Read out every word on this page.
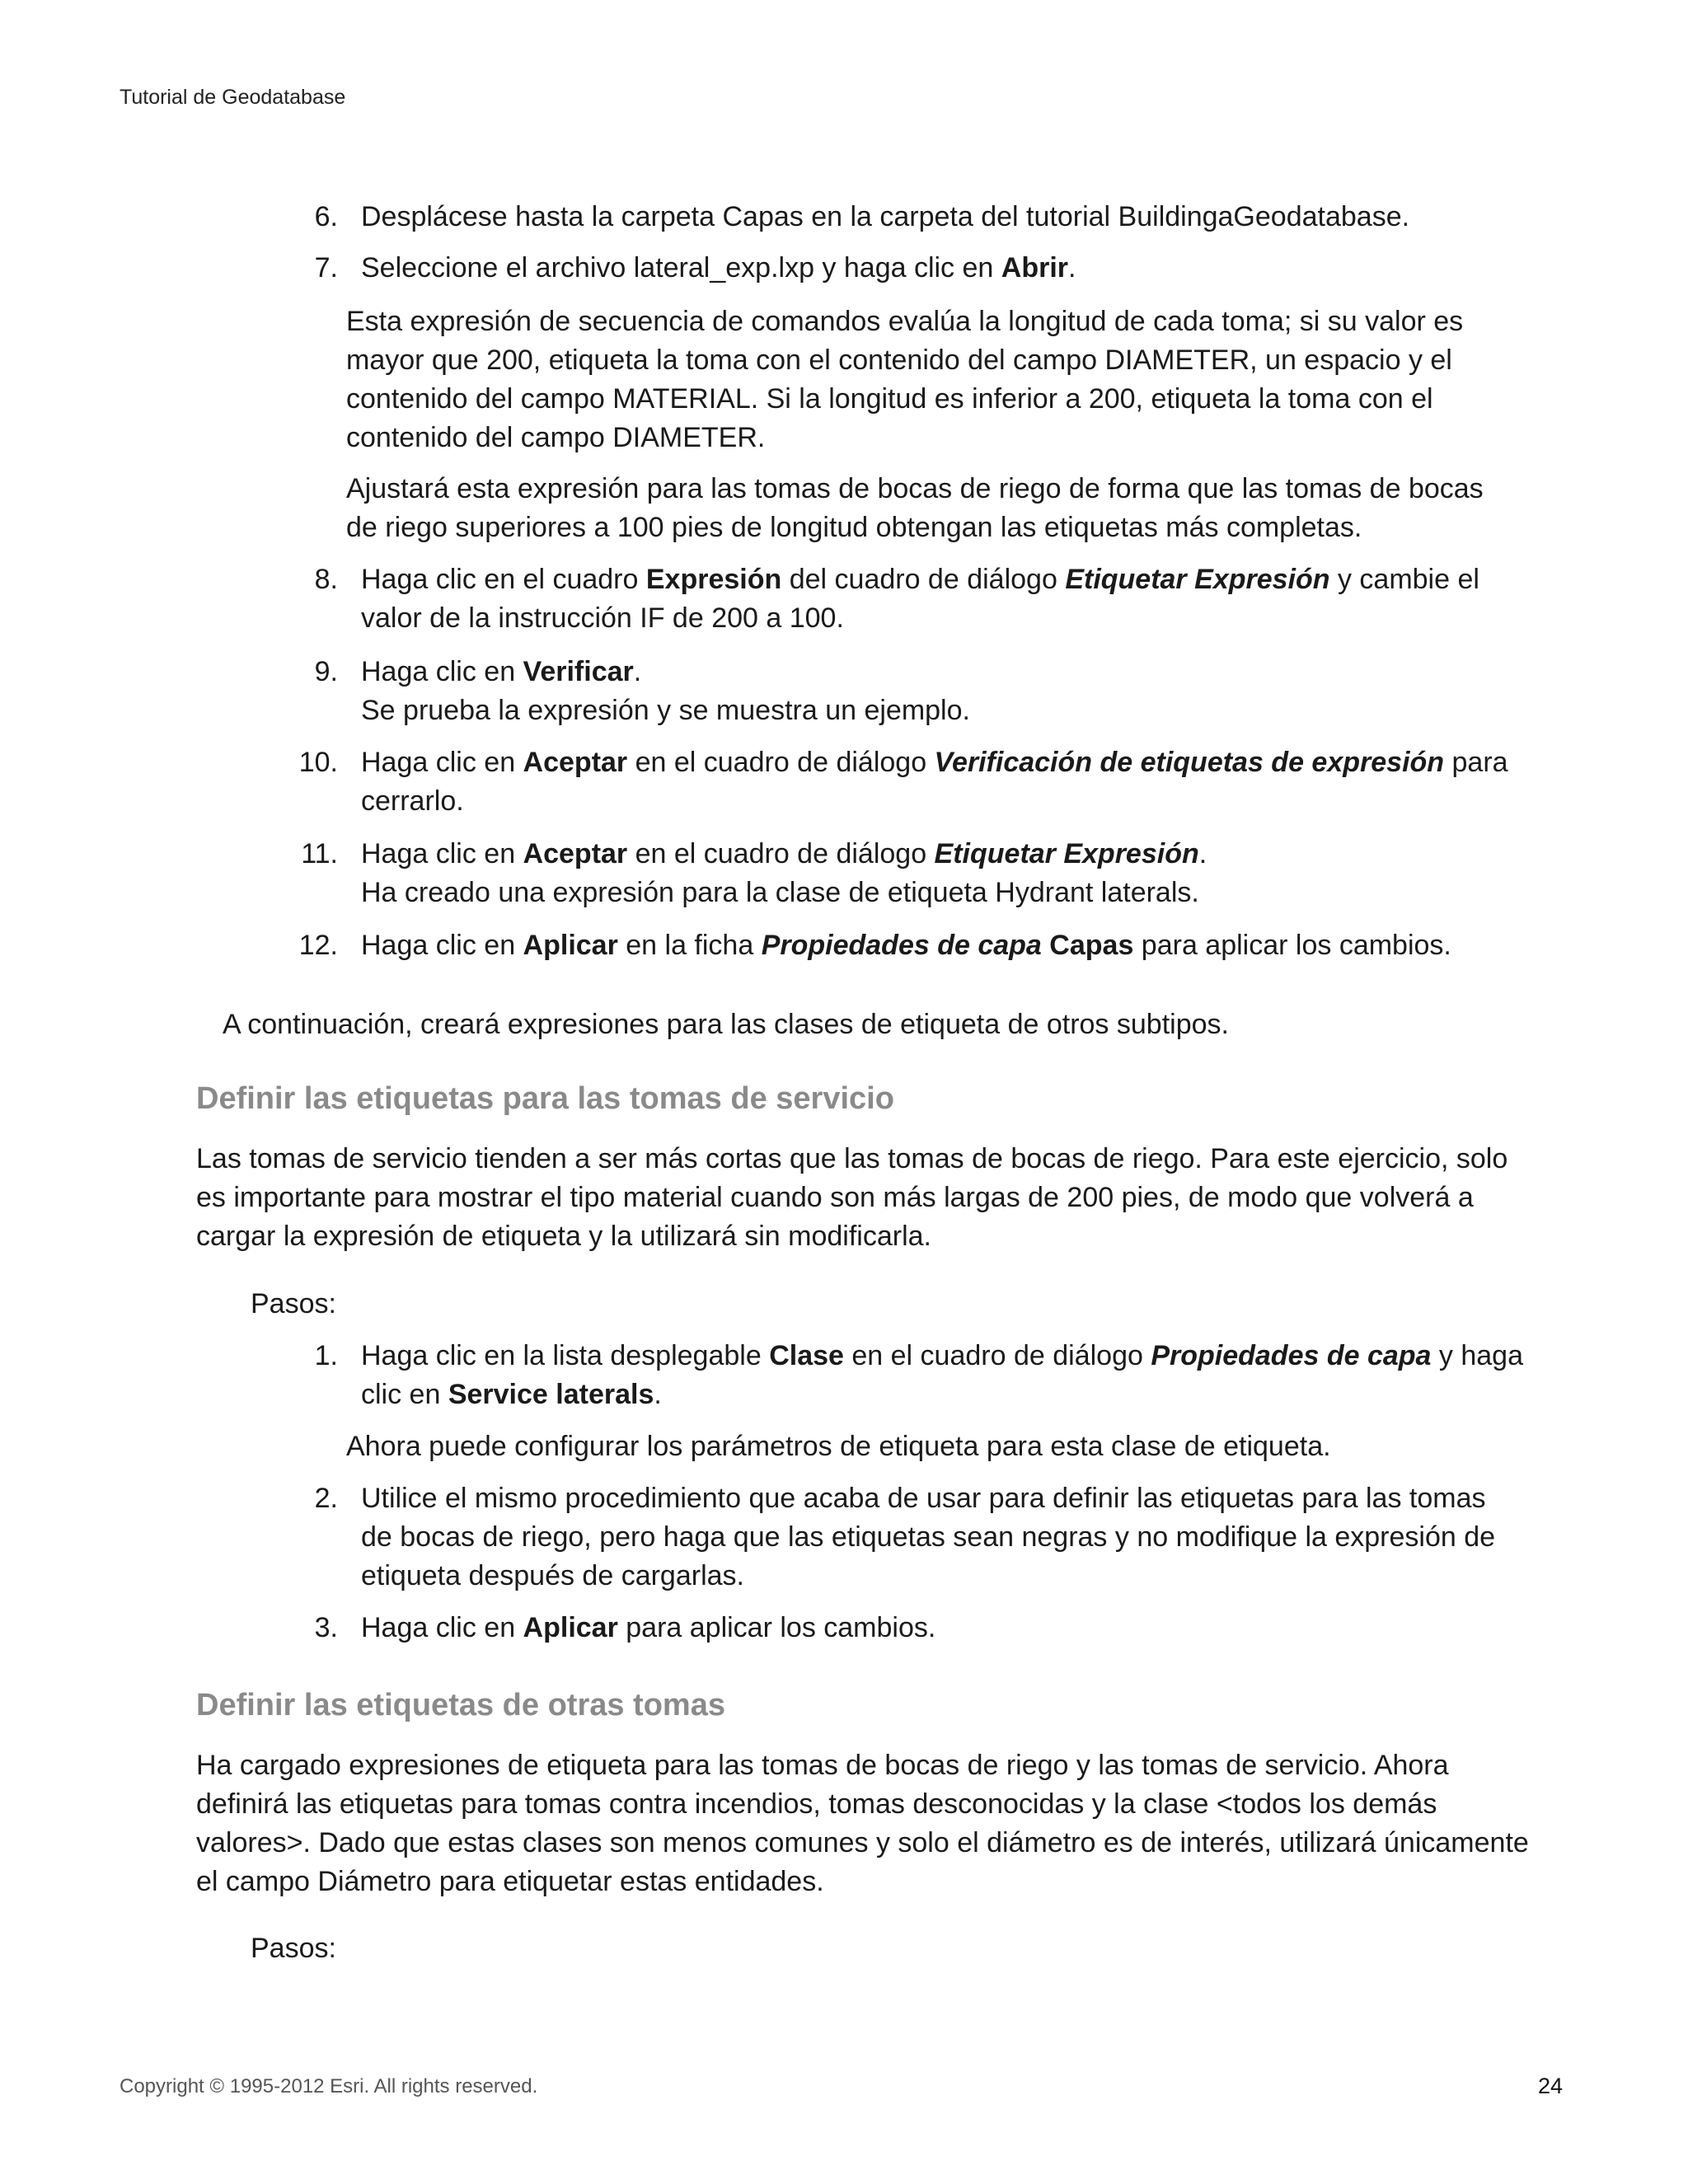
Tutorial de Geodatabase
6. Desplácese hasta la carpeta Capas en la carpeta del tutorial BuildingaGeodatabase.
7. Seleccione el archivo lateral_exp.lxp y haga clic en Abrir.
Esta expresión de secuencia de comandos evalúa la longitud de cada toma; si su valor es mayor que 200, etiqueta la toma con el contenido del campo DIAMETER, un espacio y el contenido del campo MATERIAL. Si la longitud es inferior a 200, etiqueta la toma con el contenido del campo DIAMETER.
Ajustará esta expresión para las tomas de bocas de riego de forma que las tomas de bocas de riego superiores a 100 pies de longitud obtengan las etiquetas más completas.
8. Haga clic en el cuadro Expresión del cuadro de diálogo Etiquetar Expresión y cambie el valor de la instrucción IF de 200 a 100.
9. Haga clic en Verificar.
Se prueba la expresión y se muestra un ejemplo.
10. Haga clic en Aceptar en el cuadro de diálogo Verificación de etiquetas de expresión para cerrarlo.
11. Haga clic en Aceptar en el cuadro de diálogo Etiquetar Expresión.
Ha creado una expresión para la clase de etiqueta Hydrant laterals.
12. Haga clic en Aplicar en la ficha Propiedades de capa Capas para aplicar los cambios.
A continuación, creará expresiones para las clases de etiqueta de otros subtipos.
Definir las etiquetas para las tomas de servicio
Las tomas de servicio tienden a ser más cortas que las tomas de bocas de riego. Para este ejercicio, solo es importante para mostrar el tipo material cuando son más largas de 200 pies, de modo que volverá a cargar la expresión de etiqueta y la utilizará sin modificarla.
Pasos:
1. Haga clic en la lista desplegable Clase en el cuadro de diálogo Propiedades de capa y haga clic en Service laterals.
Ahora puede configurar los parámetros de etiqueta para esta clase de etiqueta.
2. Utilice el mismo procedimiento que acaba de usar para definir las etiquetas para las tomas de bocas de riego, pero haga que las etiquetas sean negras y no modifique la expresión de etiqueta después de cargarlas.
3. Haga clic en Aplicar para aplicar los cambios.
Definir las etiquetas de otras tomas
Ha cargado expresiones de etiqueta para las tomas de bocas de riego y las tomas de servicio. Ahora definirá las etiquetas para tomas contra incendios, tomas desconocidas y la clase <todos los demás valores>. Dado que estas clases son menos comunes y solo el diámetro es de interés, utilizará únicamente el campo Diámetro para etiquetar estas entidades.
Pasos:
Copyright © 1995-2012 Esri. All rights reserved.	24
